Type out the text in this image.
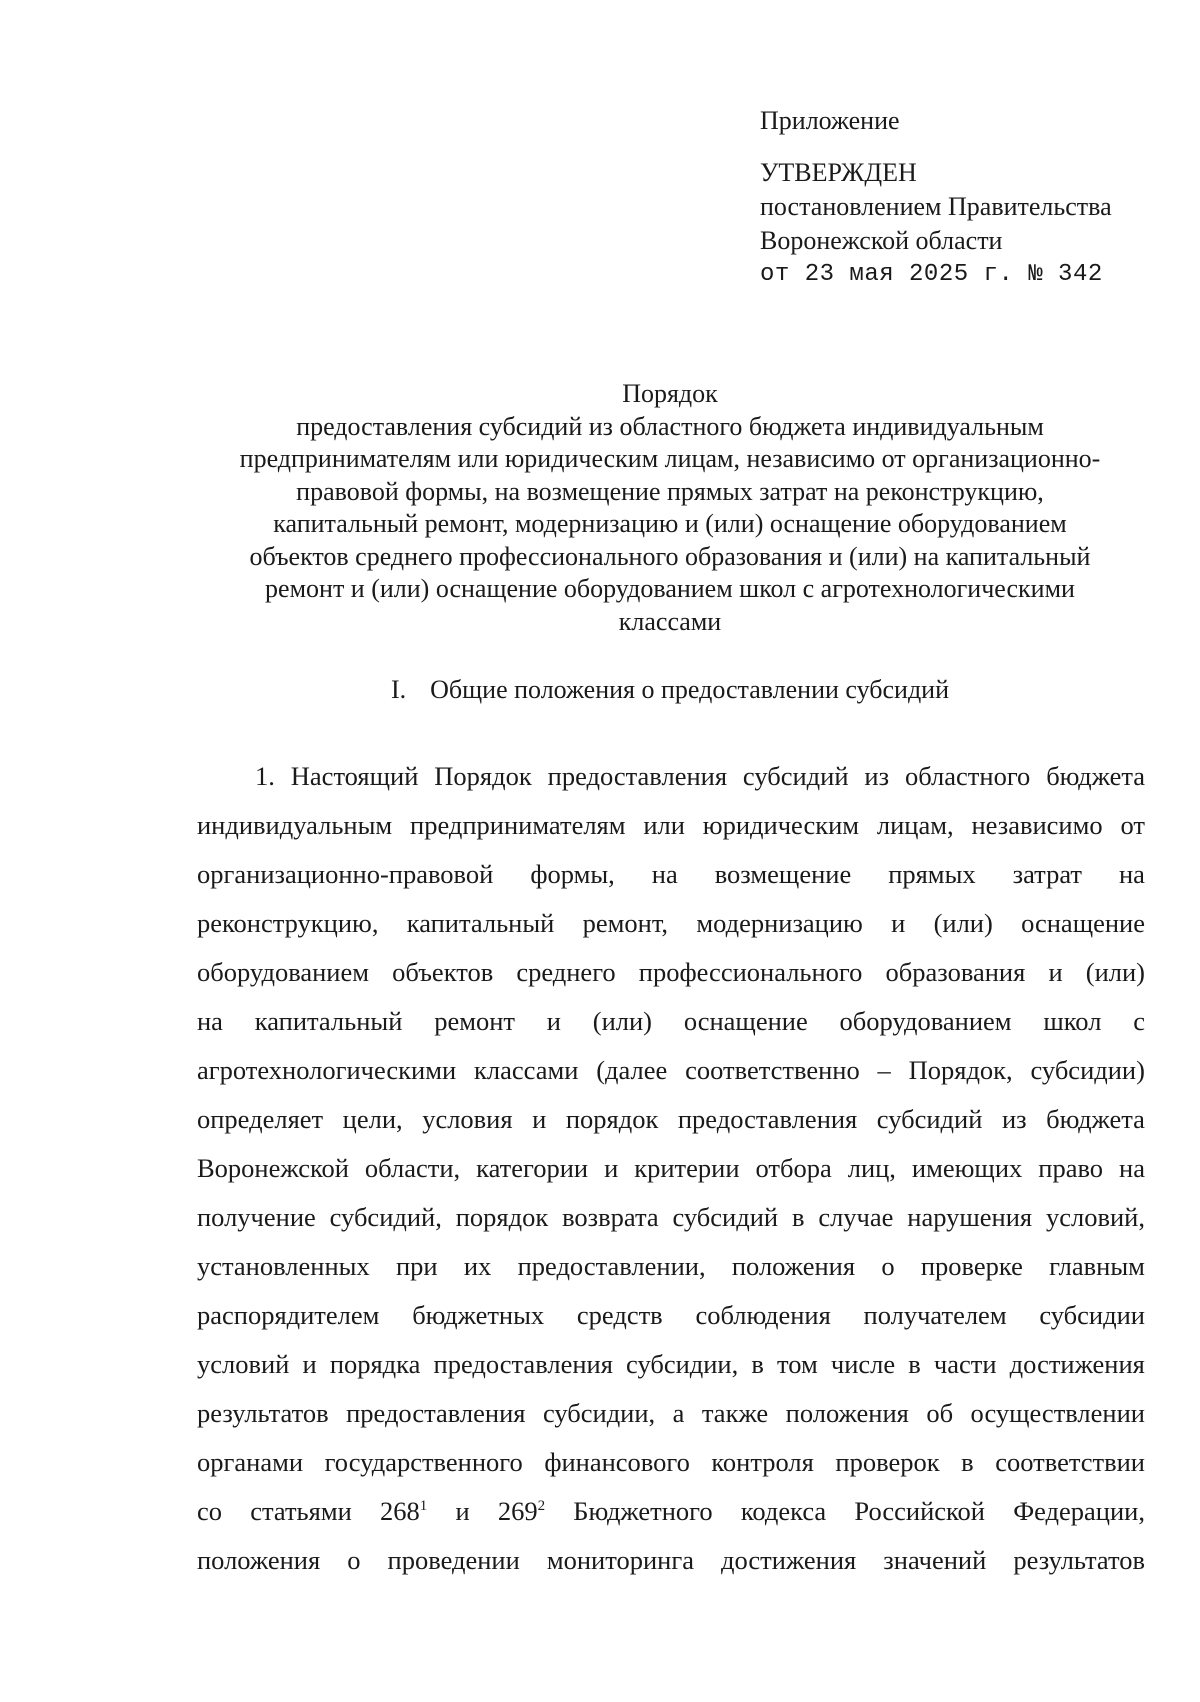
Приложение
УТВЕРЖДЕН
постановлением Правительства
Воронежской области
от 23 мая 2025 г. № 342
Порядок
предоставления субсидий из областного бюджета индивидуальным
предпринимателям или юридическим лицам, независимо от организационно-
правовой формы, на возмещение прямых затрат на реконструкцию,
капитальный ремонт, модернизацию и (или) оснащение оборудованием
объектов среднего профессионального образования и (или) на капитальный
ремонт и (или) оснащение оборудованием школ с агротехнологическими
классами
I. Общие положения о предоставлении субсидий
1. Настоящий Порядок предоставления субсидий из областного бюджета
индивидуальным предпринимателям или юридическим лицам, независимо от
организационно-правовой формы, на возмещение прямых затрат на
реконструкцию, капитальный ремонт, модернизацию и (или) оснащение
оборудованием объектов среднего профессионального образования и (или)
на капитальный ремонт и (или) оснащение оборудованием школ с
агротехнологическими классами (далее соответственно – Порядок, субсидии)
определяет цели, условия и порядок предоставления субсидий из бюджета
Воронежской области, категории и критерии отбора лиц, имеющих право на
получение субсидий, порядок возврата субсидий в случае нарушения условий,
установленных при их предоставлении, положения о проверке главным
распорядителем бюджетных средств соблюдения получателем субсидии
условий и порядка предоставления субсидии, в том числе в части достижения
результатов предоставления субсидии, а также положения об осуществлении
органами государственного финансового контроля проверок в соответствии
со статьями $268^1$ и $269^2$ Бюджетного кодекса Российской Федерации,
положения о проведении мониторинга достижения значений результатов
